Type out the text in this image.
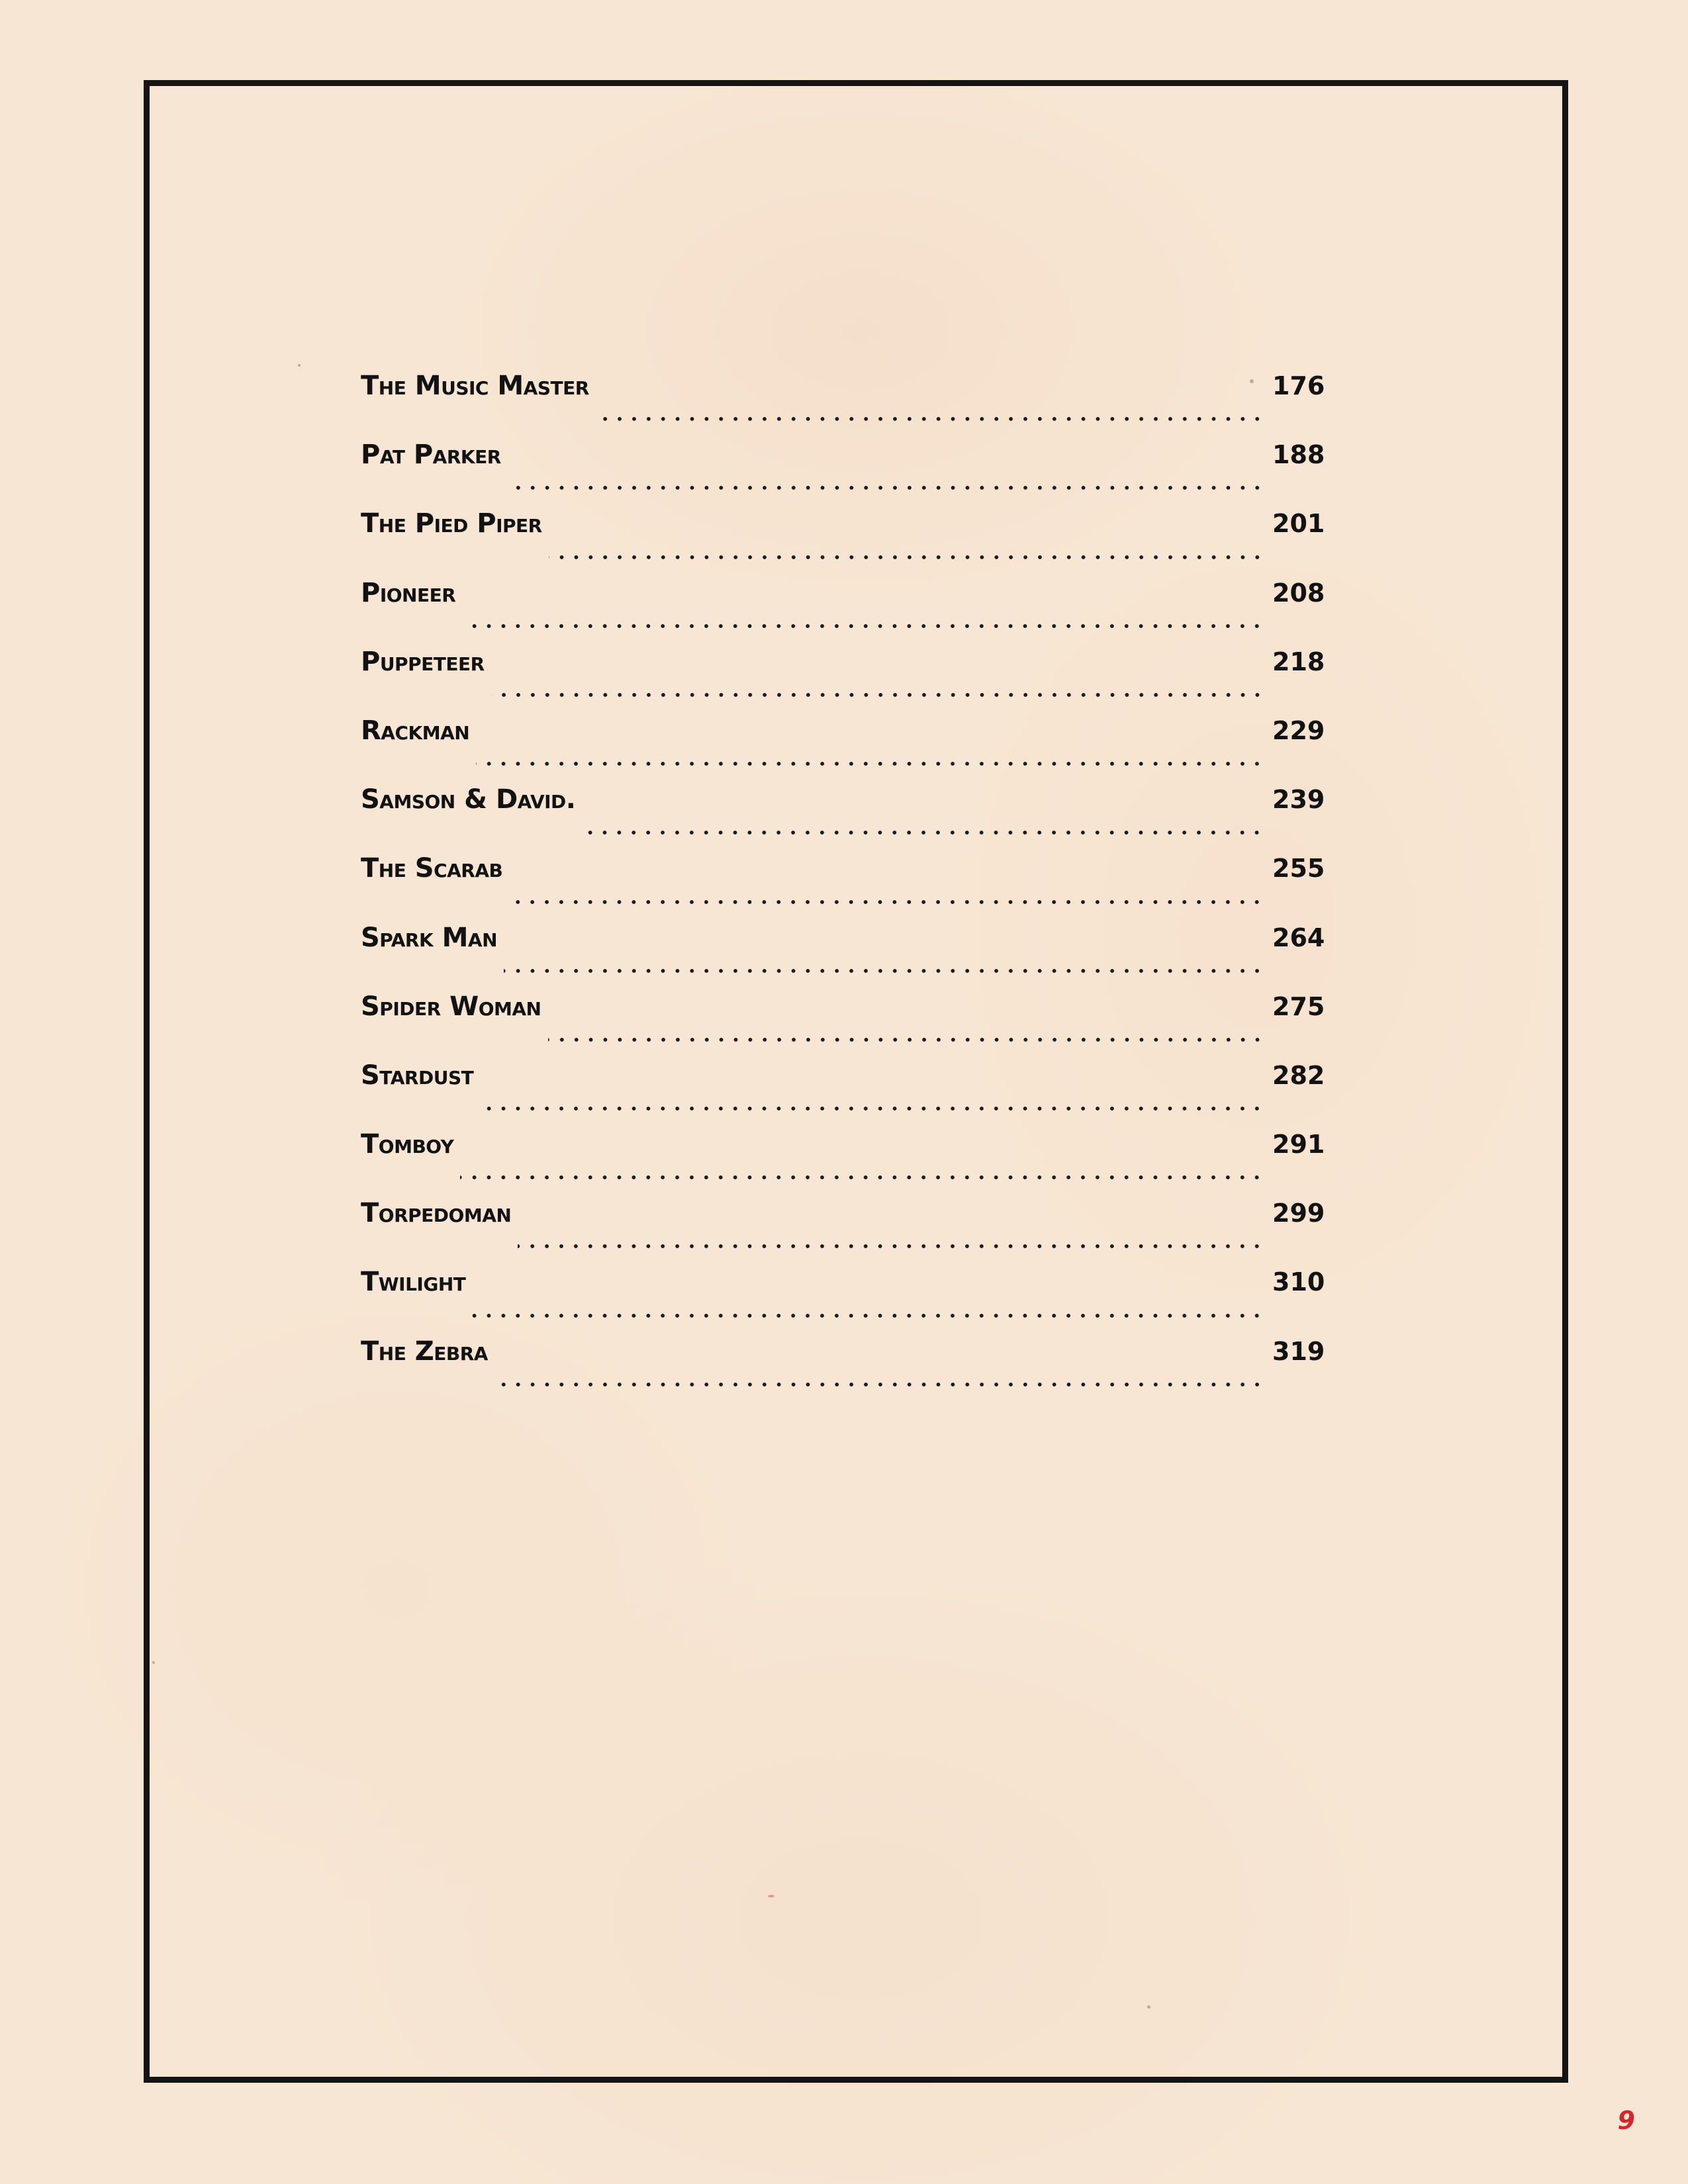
The Music Master	176
Pat Parker	188
The Pied Piper	201
Pioneer	208
Puppeteer	218
Rackman	229
Samson & David.	239
The Scarab	255
Spark Man	264
Spider Woman	275
Stardust	282
Tomboy	291
Torpedoman	299
Twilight	310
The Zebra	319
9
